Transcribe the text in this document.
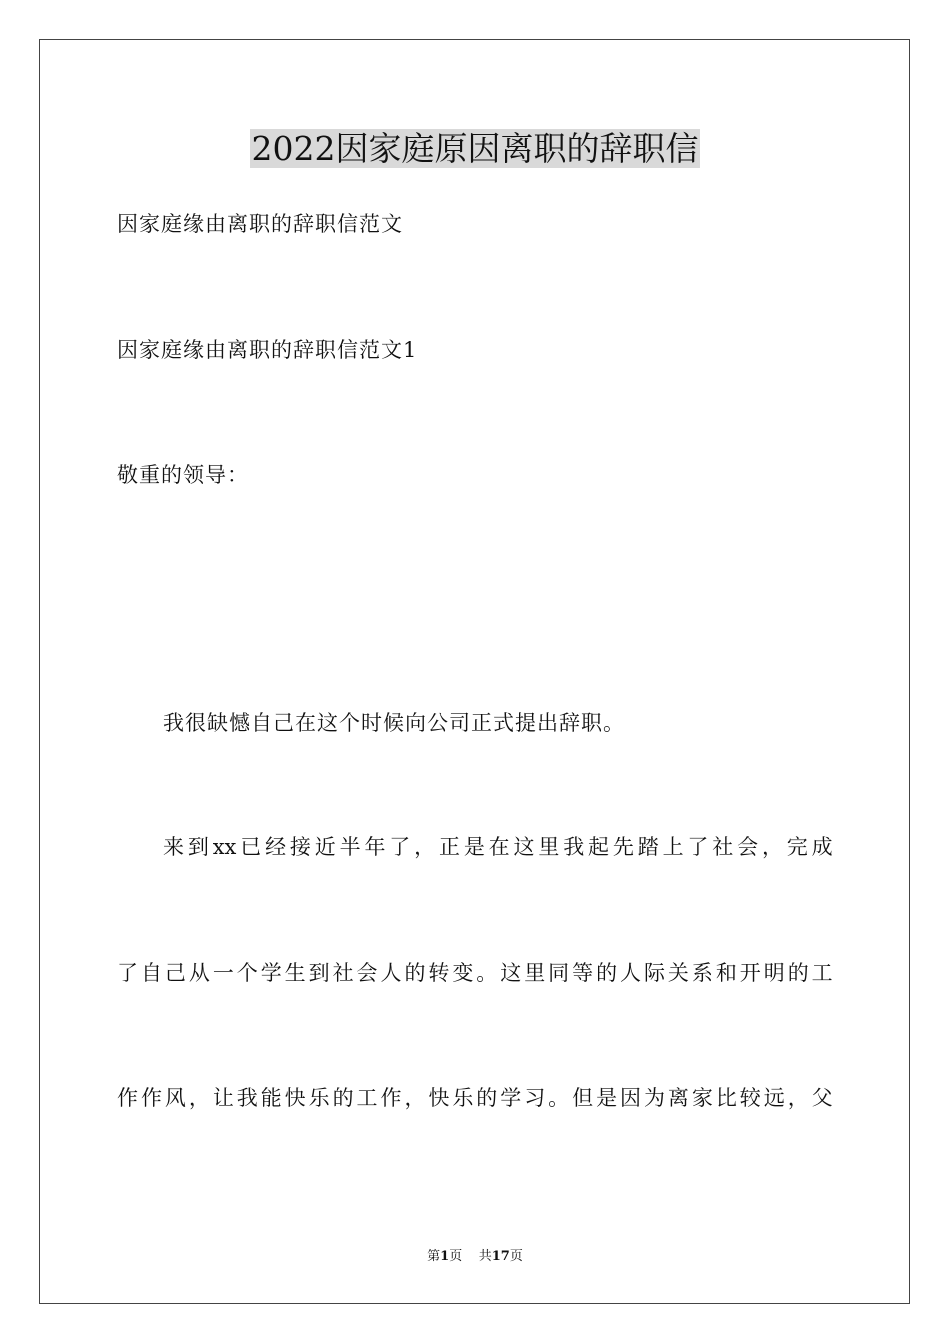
2022因家庭原因离职的辞职信
因家庭缘由离职的辞职信范文
因家庭缘由离职的辞职信范文1
敬重的领导：
我很缺憾自己在这个时候向公司正式提出辞职。
来 到 xx 已 经 接 近 半 年 了 ， 正 是 在 这 里 我 起 先 踏 上 了 社 会 ， 完 成
了 自 己 从 一 个 学 生 到 社 会 人 的 转 变 。 这 里 同 等 的 人 际 关 系 和 开 明 的 工
作 作 风 ， 让 我 能 快 乐 的 工 作 ， 快 乐 的 学 习 。 但 是 因 为 离 家 比 较 远 ， 父
第1页 共17页
